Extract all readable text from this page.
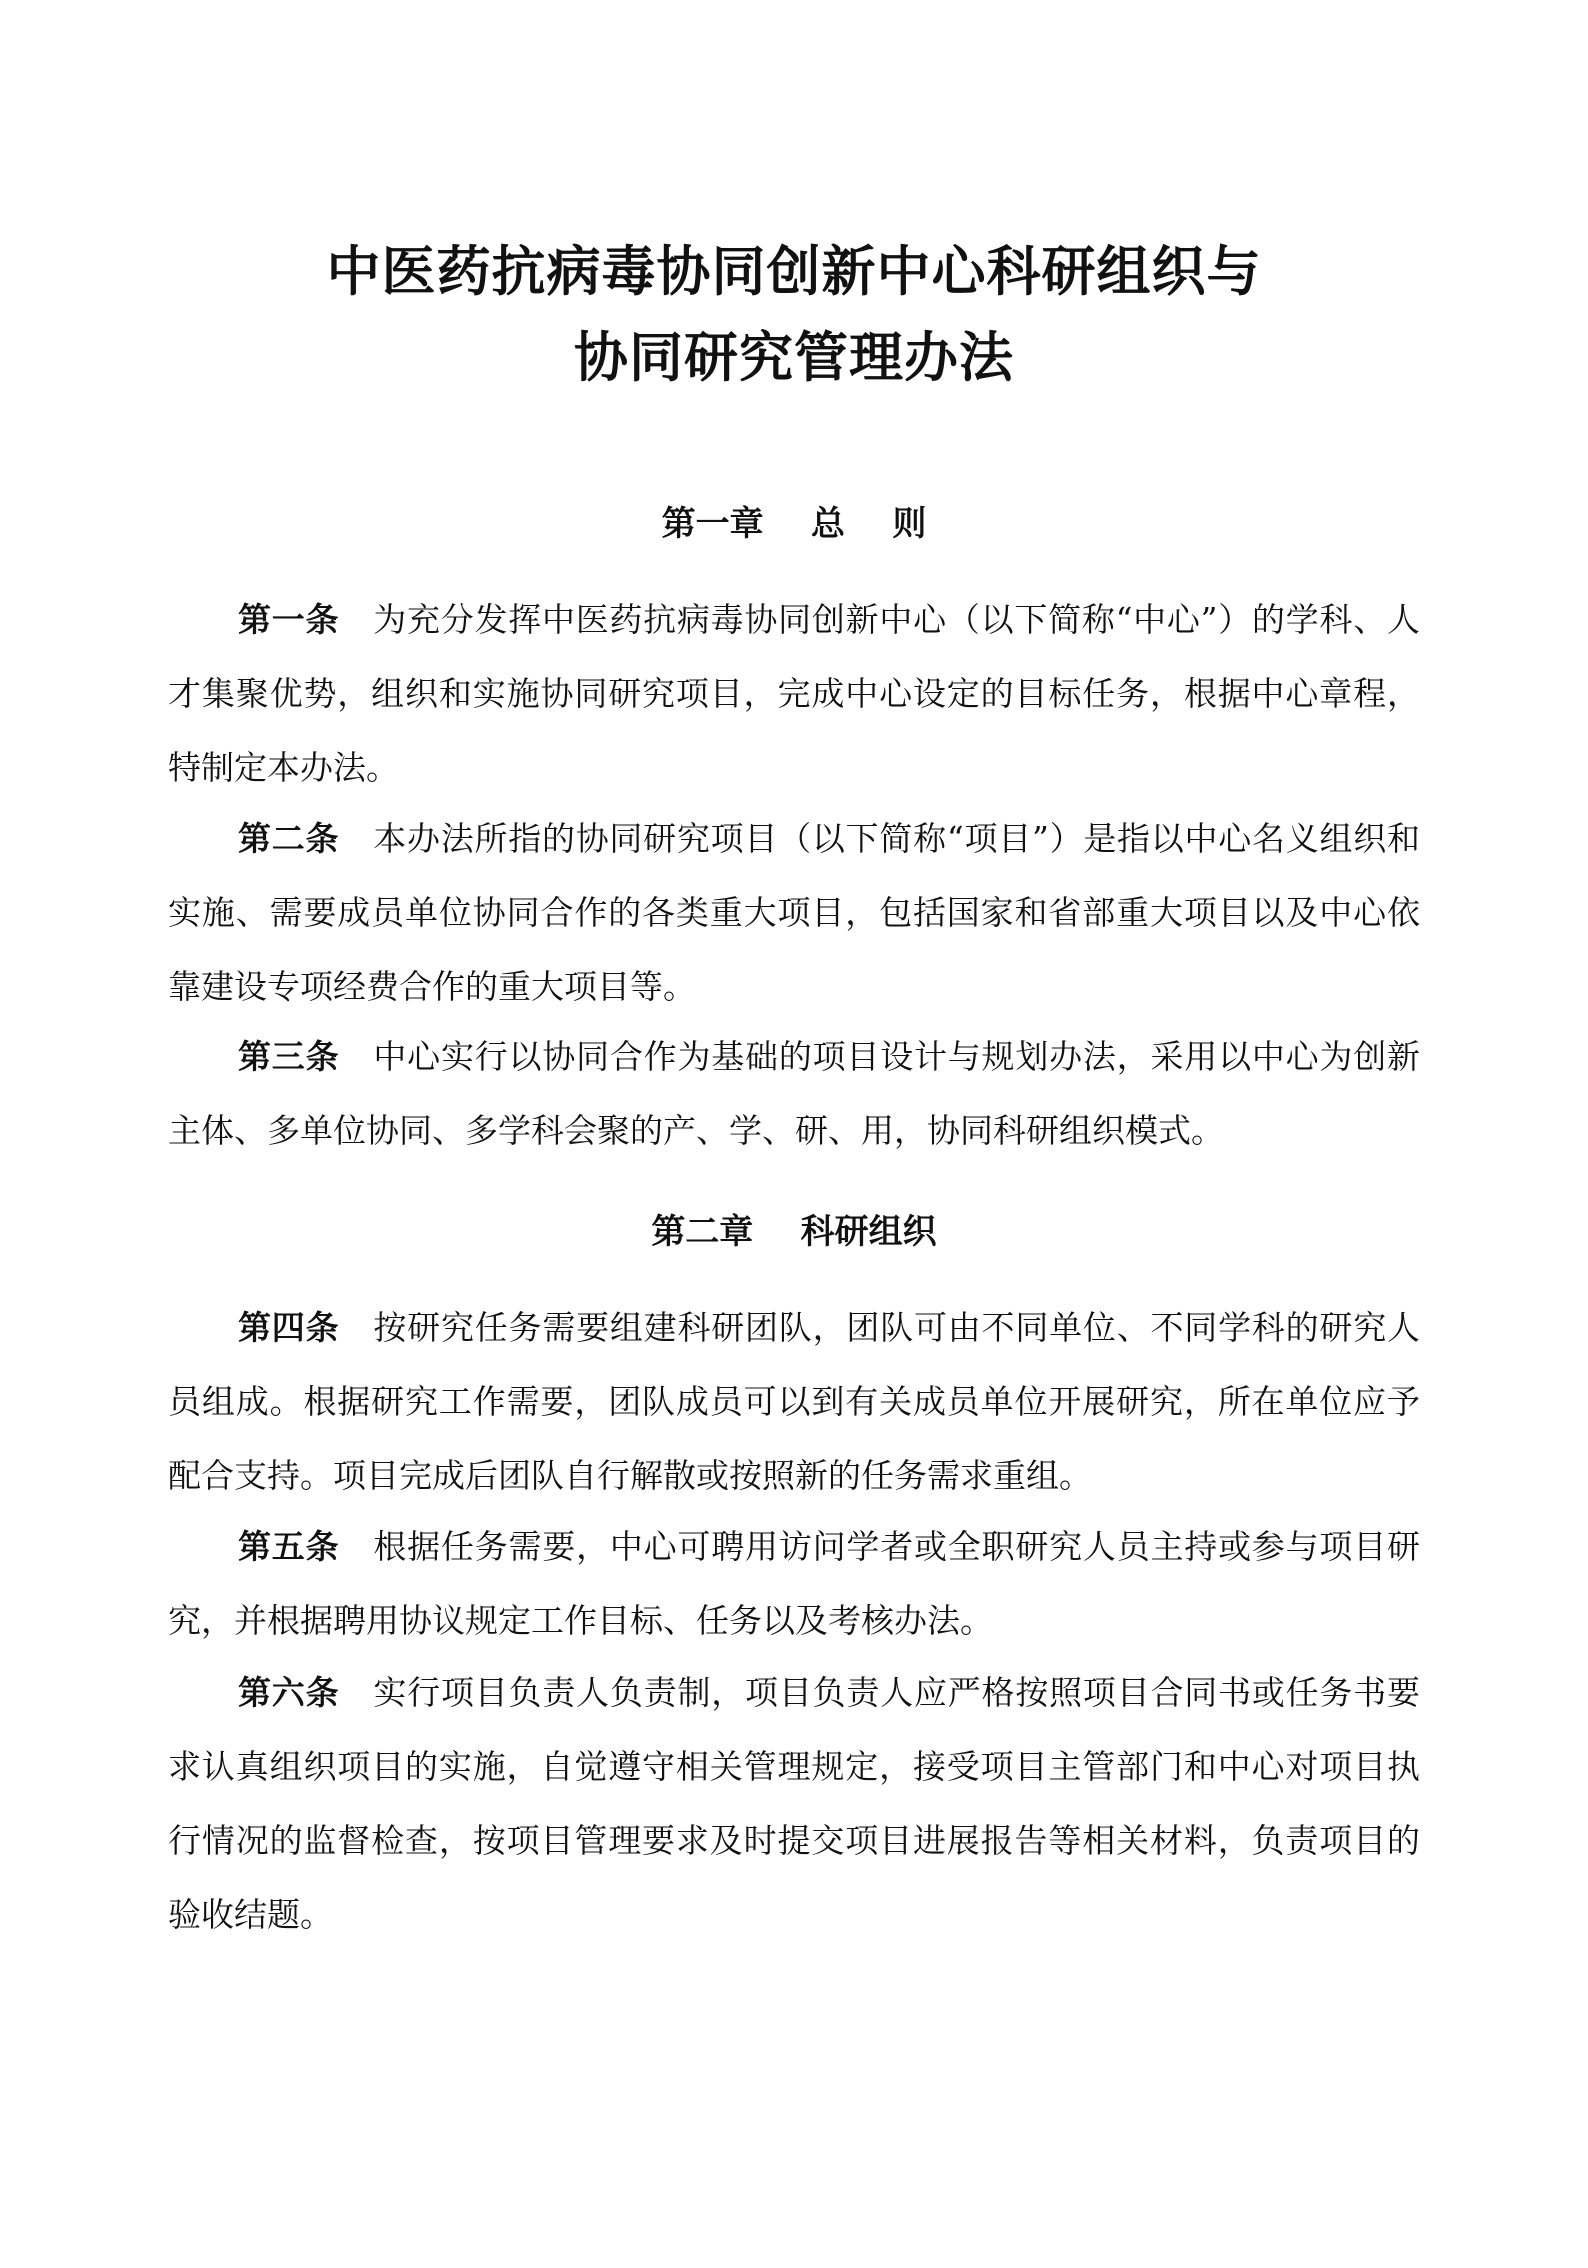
中医药抗病毒协同创新中心科研组织与
协同研究管理办法
第一章    总    则

第一条 为充分发挥中医药抗病毒协同创新中心（以下简称“中心”）的学科、人才集聚优势，组织和实施协同研究项目，完成中心设定的目标任务，根据中心章程，特制定本办法。

第二条 本办法所指的协同研究项目（以下简称“项目”）是指以中心名义组织和实施、需要成员单位协同合作的各类重大项目，包括国家和省部重大项目以及中心依靠建设专项经费合作的重大项目等。

第三条 中心实行以协同合作为基础的项目设计与规划办法，采用以中心为创新主体、多单位协同、多学科会聚的产、学、研、用，协同科研组织模式。

第二章    科研组织

第四条 按研究任务需要组建科研团队，团队可由不同单位、不同学科的研究人员组成。根据研究工作需要，团队成员可以到有关成员单位开展研究，所在单位应予配合支持。项目完成后团队自行解散或按照新的任务需求重组。

第五条 根据任务需要，中心可聘用访问学者或全职研究人员主持或参与项目研究，并根据聘用协议规定工作目标、任务以及考核办法。

第六条 实行项目负责人负责制，项目负责人应严格按照项目合同书或任务书要求认真组织项目的实施，自觉遵守相关管理规定，接受项目主管部门和中心对项目执行情况的监督检查，按项目管理要求及时提交项目进展报告等相关材料，负责项目的验收结题。
